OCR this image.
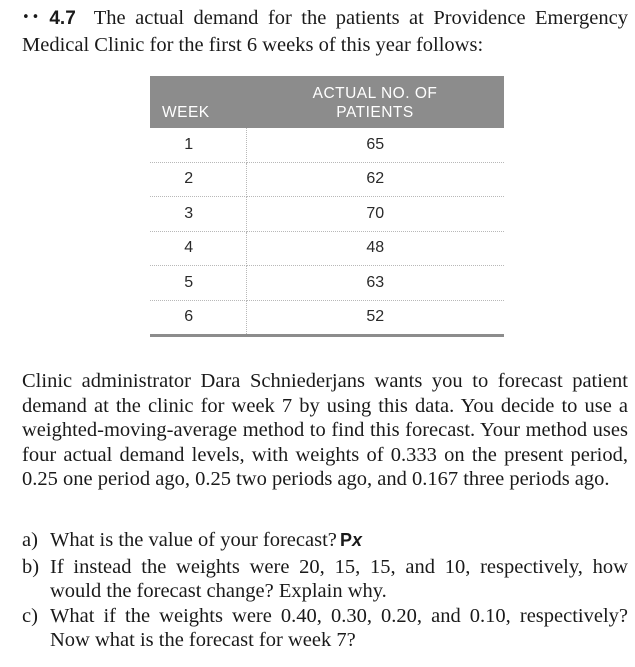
•• 4.7 The actual demand for the patients at Providence Emergency Medical Clinic for the first 6 weeks of this year follows:
WEEK	ACTUAL NO. OF
PATIENTS

1	65
2	62
3	70
4	48
5	63
6	52

Clinic administrator Dara Schniederjans wants you to forecast patient demand at the clinic for week 7 by using this data. You decide to use a weighted-moving-average method to find this forecast. Your method uses four actual demand levels, with weights of 0.333 on the present period, 0.25 one period ago, 0.25 two periods ago, and 0.167 three periods ago.

a) What is the value of your forecast? P x
b) If instead the weights were 20, 15, 15, and 10, respectively, how would the forecast change? Explain why.
c) What if the weights were 0.40, 0.30, 0.20, and 0.10, respectively? Now what is the forecast for week 7?
